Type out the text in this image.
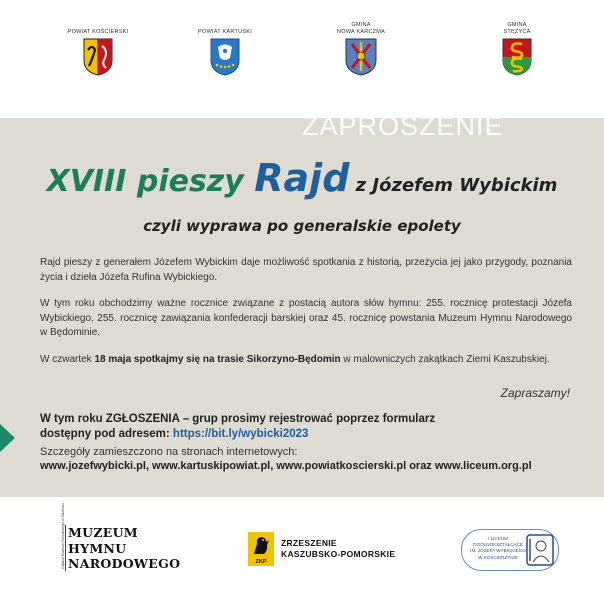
POWIAT KOŚCIERSKI	POWIAT KARTUSKI
GMINA
NOWA KARCZMA
GMINA
STĘŻYCA
ZAPROSZENIE
XVIII pieszy Rajd z Józefem Wybickim
czyli wyprawa po generalskie epolety
Rajd pieszy z generałem Józefem Wybickim daje możliwość spotkania z historią, przeżycia jej jako przygody, poznania życia i dzieła Józefa Rufina Wybickiego.
W tym roku obchodzimy ważne rocznice związane z postacią autora słów hymnu: 255. rocznicę protestacji Józefa Wybickiego, 255. rocznicę zawiązania konfederacji barskiej oraz 45. rocznicę powstania Muzeum Hymnu Narodowego w Będominie.
W czwartek 18 maja spotkajmy się na trasie Sikorzyno-Będomin w malowniczych zakątkach Ziemi Kaszubskiej.
Zapraszamy!
W tym roku ZGŁOSZENIA – grup prosimy rejestrować poprzez formularz
dostępny pod adresem: https://bit.ly/wybicki2023
Szczegóły zamieszczono na stronach internetowych:
www.jozefwybicki.pl, www.kartuskipowiat.pl, www.powiatkoscierski.pl oraz www.liceum.org.pl
Oddział Muzeum Narodowego w Gdańsku MUZEUM
HYMNU
NARODOWEGO	ZKP
ZRZESZENIE
KASZUBSKO-POMORSKIE
I LICEUM
OGÓLNOKSZTAŁCĄCE
IM. JÓZEFA WYBICKIEGO
W KOŚCIERZYNIE
